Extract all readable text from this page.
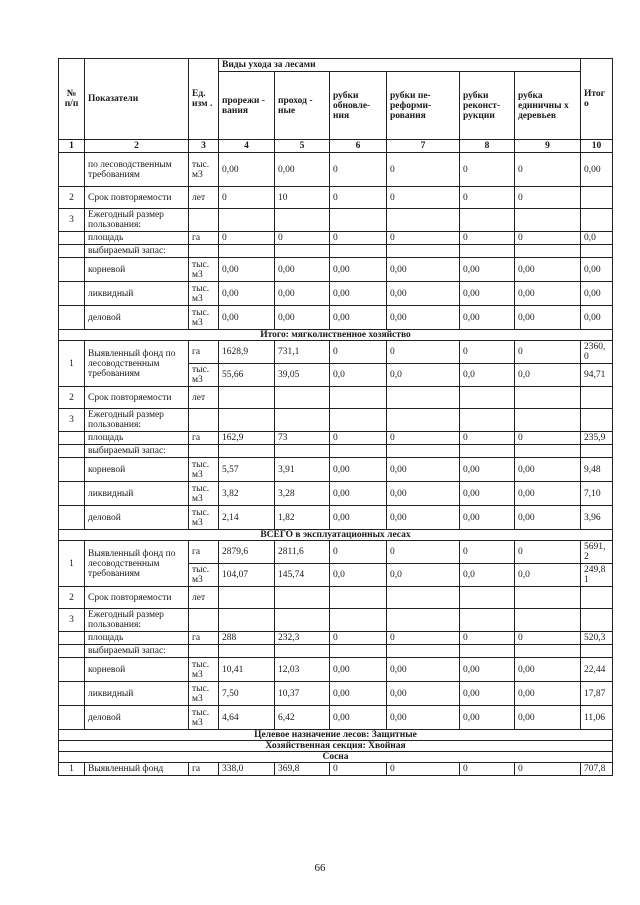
№ п/п	Показатели	Ед. изм .	Виды ухода за лесами						Итого
			прорежи - вания	проход - ные	рубки обновле- ния	рубки пе- реформи- рования	рубки реконст- рукции	рубка единичны х деревьев	
1	2	3	4	5	6	7	8	9	10
	по лесоводственным требованиям	тыс. м3	0,00	0,00	0	0	0	0	0,00
2	Срок повторяемости	лет	0	10	0	0	0	0	
3	Ежегодный размер пользования:								
	площадь	га	0	0	0	0	0	0	0,0
	выбираемый запас:								
	корневой	тыс. м3	0,00	0,00	0,00	0,00	0,00	0,00	0,00
	ликвидный	тыс. м3	0,00	0,00	0,00	0,00	0,00	0,00	0,00
	деловой	тыс. м3	0,00	0,00	0,00	0,00	0,00	0,00	0,00
Итого: мягколиственное хозяйство									
1	Выявленный фонд по лесоводственным требованиям	га	1628,9	731,1	0	0	0	0	2360, 0
		тыс. м3	55,66	39,05	0,0	0,0	0,0	0,0	94,71
2	Срок повторяемости	лет							
3	Ежегодный размер пользования:								
	площадь	га	162,9	73	0	0	0	0	235,9
	выбираемый запас:								
	корневой	тыс. м3	5,57	3,91	0,00	0,00	0,00	0,00	9,48
	ликвидный	тыс. м3	3,82	3,28	0,00	0,00	0,00	0,00	7,10
	деловой	тыс. м3	2,14	1,82	0,00	0,00	0,00	0,00	3,96
ВСЕГО в эксплуатационных лесах									
1	Выявленный фонд по лесоводственным требованиям	га	2879,6	2811,6	0	0	0	0	5691, 2
		тыс. м3	104,07	145,74	0,0	0,0	0,0	0,0	249,8 1
2	Срок повторяемости	лет							
3	Ежегодный размер пользования:								
	площадь	га	288	232,3	0	0	0	0	520,3
	выбираемый запас:								
	корневой	тыс. м3	10,41	12,03	0,00	0,00	0,00	0,00	22,44
	ликвидный	тыс. м3	7,50	10,37	0,00	0,00	0,00	0,00	17,87
	деловой	тыс. м3	4,64	6,42	0,00	0,00	0,00	0,00	11,06
Целевое назначение лесов: Защитные									
Хозяйственная секция: Хвойная									
Сосна									
1	Выявленный фонд	га	338,0	369,8	0	0	0	0	707,8
66
